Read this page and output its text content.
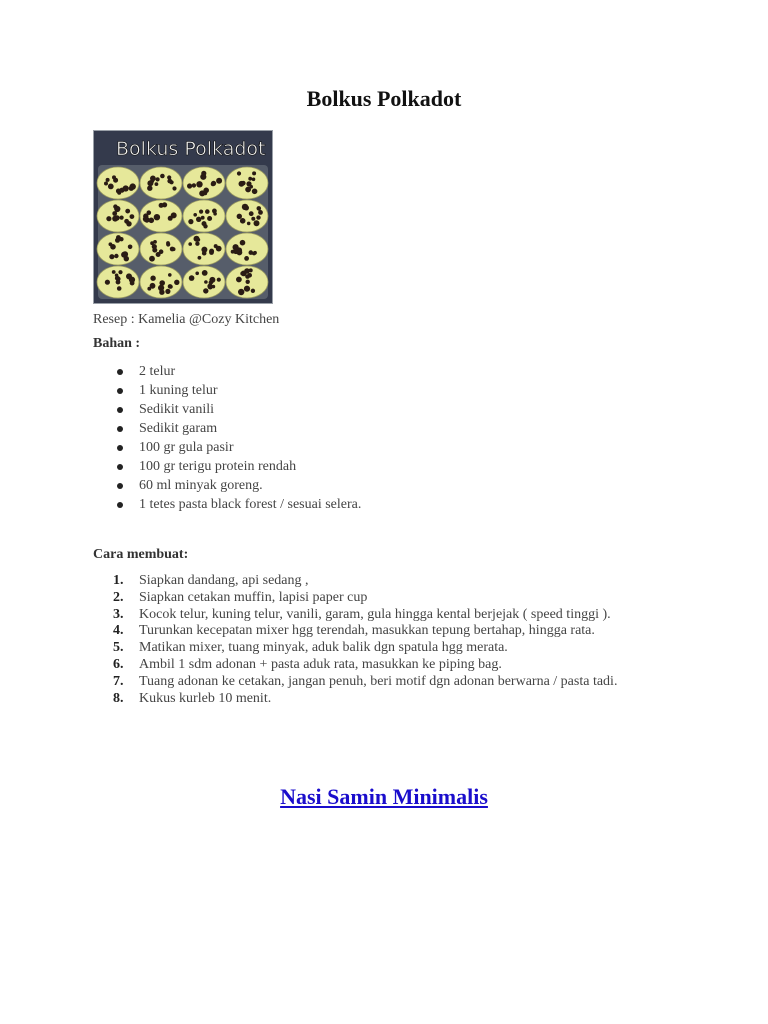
Bolkus Polkadot
Bolkus Polkadot

Resep : Kamelia @Cozy Kitchen

Bahan :

2 telur
1 kuning telur
Sedikit vanili
Sedikit garam
100 gr gula pasir
100 gr terigu protein rendah
60 ml minyak goreng.
1 tetes pasta black forest / sesuai selera.

Cara membuat:

1. Siapkan dandang, api sedang ,
2. Siapkan cetakan muffin, lapisi paper cup
3. Kocok telur, kuning telur, vanili, garam, gula hingga kental berjejak ( speed tinggi ).
4. Turunkan kecepatan mixer hgg terendah, masukkan tepung bertahap, hingga rata.
5. Matikan mixer, tuang minyak, aduk balik dgn spatula hgg merata.
6. Ambil 1 sdm adonan + pasta aduk rata, masukkan ke piping bag.
7. Tuang adonan ke cetakan, jangan penuh, beri motif dgn adonan berwarna / pasta tadi.
8. Kukus kurleb 10 menit.
Nasi Samin Minimalis
